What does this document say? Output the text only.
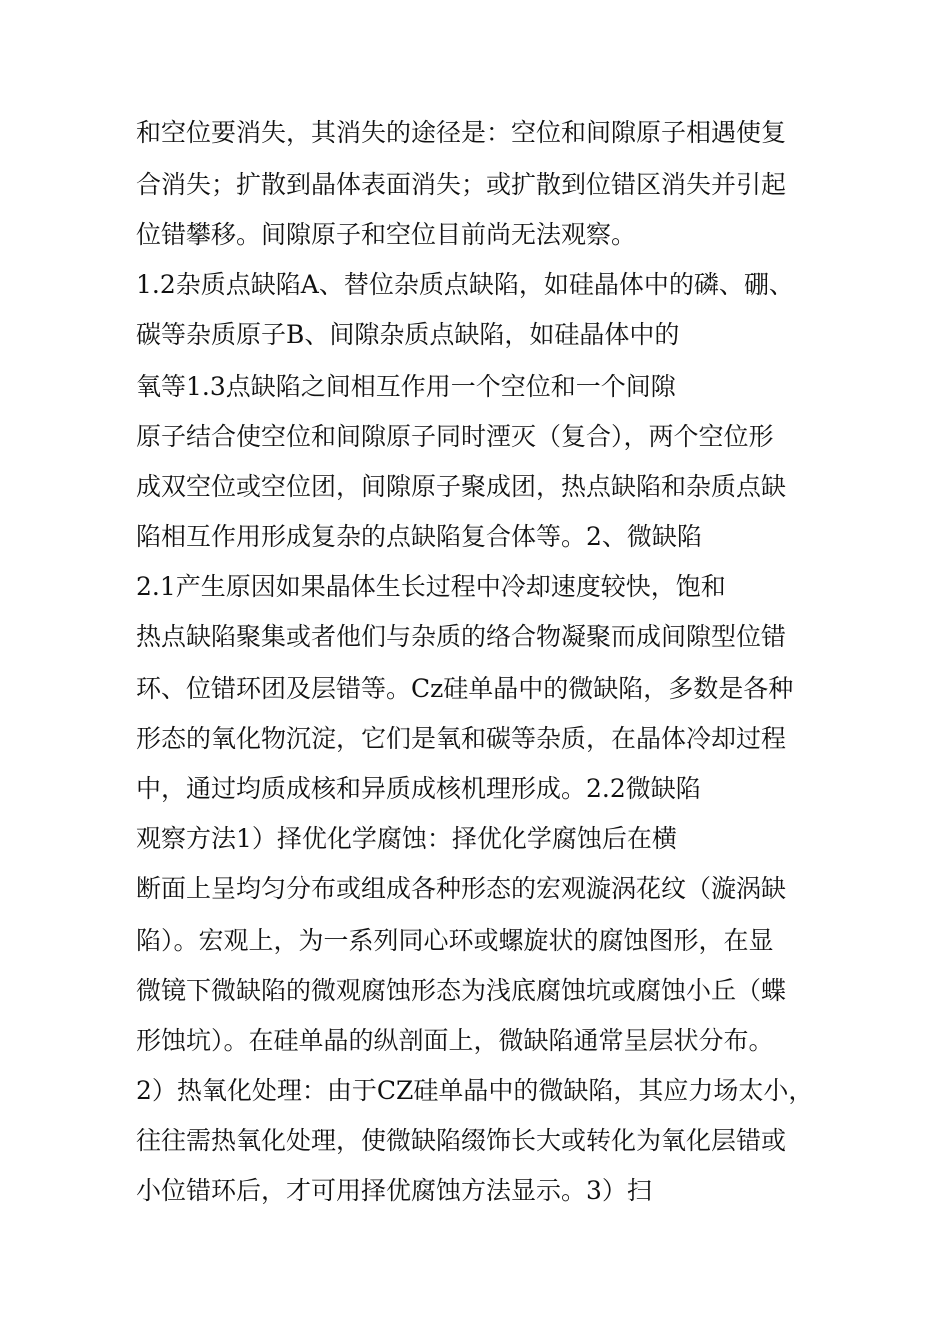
和空位要消失，其消失的途径是：空位和间隙原子相遇使复

合消失；扩散到晶体表面消失；或扩散到位错区消失并引起

位错攀移。间隙原子和空位目前尚无法观察。

1.2杂质点缺陷A、替位杂质点缺陷，如硅晶体中的磷、硼、

碳等杂质原子B、间隙杂质点缺陷，如硅晶体中的

氧等1.3点缺陷之间相互作用一个空位和一个间隙

原子结合使空位和间隙原子同时湮灭（复合），两个空位形

成双空位或空位团，间隙原子聚成团，热点缺陷和杂质点缺

陷相互作用形成复杂的点缺陷复合体等。2、微缺陷

2.1产生原因如果晶体生长过程中冷却速度较快，饱和

热点缺陷聚集或者他们与杂质的络合物凝聚而成间隙型位错

环、位错环团及层错等。Cz硅单晶中的微缺陷，多数是各种

形态的氧化物沉淀，它们是氧和碳等杂质，在晶体冷却过程

中，通过均质成核和异质成核机理形成。2.2微缺陷

观察方法1）择优化学腐蚀：择优化学腐蚀后在横

断面上呈均匀分布或组成各种形态的宏观漩涡花纹（漩涡缺

陷）。宏观上，为一系列同心环或螺旋状的腐蚀图形，在显

微镜下微缺陷的微观腐蚀形态为浅底腐蚀坑或腐蚀小丘（蝶

形蚀坑）。在硅单晶的纵剖面上，微缺陷通常呈层状分布。

2）热氧化处理：由于CZ硅单晶中的微缺陷，其应力场太小，

往往需热氧化处理，使微缺陷缀饰长大或转化为氧化层错或

小位错环后，才可用择优腐蚀方法显示。3）扫
